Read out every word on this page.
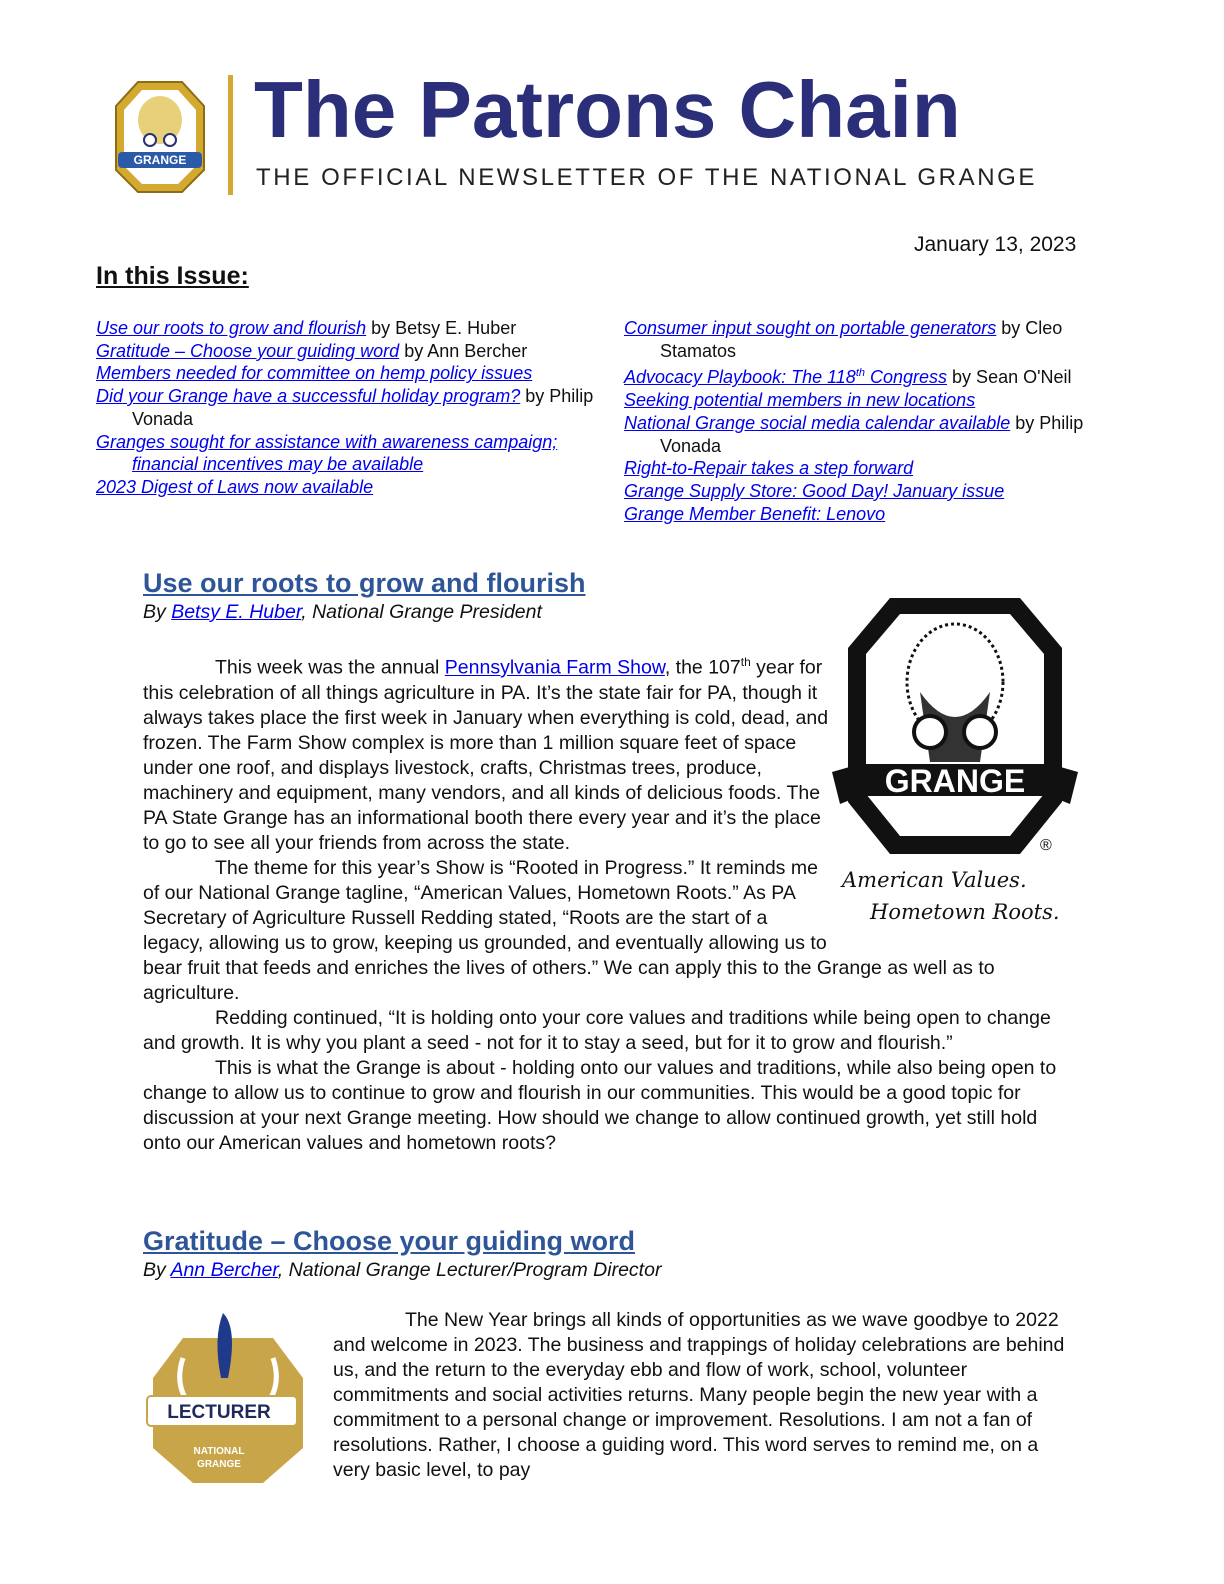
GRANGE
The Patrons Chain
THE OFFICIAL NEWSLETTER OF THE NATIONAL GRANGE
January 13, 2023
In this Issue:
Use our roots to grow and flourish by Betsy E. Huber
Gratitude – Choose your guiding word by Ann Bercher
Members needed for committee on hemp policy issues
Did your Grange have a successful holiday program? by Philip Vonada
Granges sought for assistance with awareness campaign; financial incentives may be available
2023 Digest of Laws now available
Consumer input sought on portable generators by Cleo Stamatos
Advocacy Playbook: The 118th Congress by Sean O'Neil
Seeking potential members in new locations
National Grange social media calendar available by Philip Vonada
Right-to-Repair takes a step forward
Grange Supply Store: Good Day! January issue
Grange Member Benefit: Lenovo
Use our roots to grow and flourish
By Betsy E. Huber, National Grange President
GRANGE
®
American Values.
Hometown Roots.

This week was the annual Pennsylvania Farm Show, the 107th year for this celebration of all things agriculture in PA. It’s the state fair for PA, though it always takes place the first week in January when everything is cold, dead, and frozen. The Farm Show complex is more than 1 million square feet of space under one roof, and displays livestock, crafts, Christmas trees, produce, machinery and equipment, many vendors, and all kinds of delicious foods. The PA State Grange has an informational booth there every year and it’s the place to go to see all your friends from across the state.

The theme for this year’s Show is “Rooted in Progress.” It reminds me of our National Grange tagline, “American Values, Hometown Roots.” As PA Secretary of Agriculture Russell Redding stated, “Roots are the start of a legacy, allowing us to grow, keeping us grounded, and eventually allowing us to bear fruit that feeds and enriches the lives of others.” We can apply this to the Grange as well as to agriculture.

Redding continued, “It is holding onto your core values and traditions while being open to change and growth. It is why you plant a seed - not for it to stay a seed, but for it to grow and flourish.”

This is what the Grange is about - holding onto our values and traditions, while also being open to change to allow us to continue to grow and flourish in our communities. This would be a good topic for discussion at your next Grange meeting. How should we change to allow continued growth, yet still hold onto our American values and hometown roots?

Gratitude – Choose your guiding word
By Ann Bercher, National Grange Lecturer/Program Director
LECTURER
NATIONAL
GRANGE

The New Year brings all kinds of opportunities as we wave goodbye to 2022 and welcome in 2023. The business and trappings of holiday celebrations are behind us, and the return to the everyday ebb and flow of work, school, volunteer commitments and social activities returns. Many people begin the new year with a commitment to a personal change or improvement. Resolutions. I am not a fan of resolutions. Rather, I choose a guiding word. This word serves to remind me, on a very basic level, to pay
